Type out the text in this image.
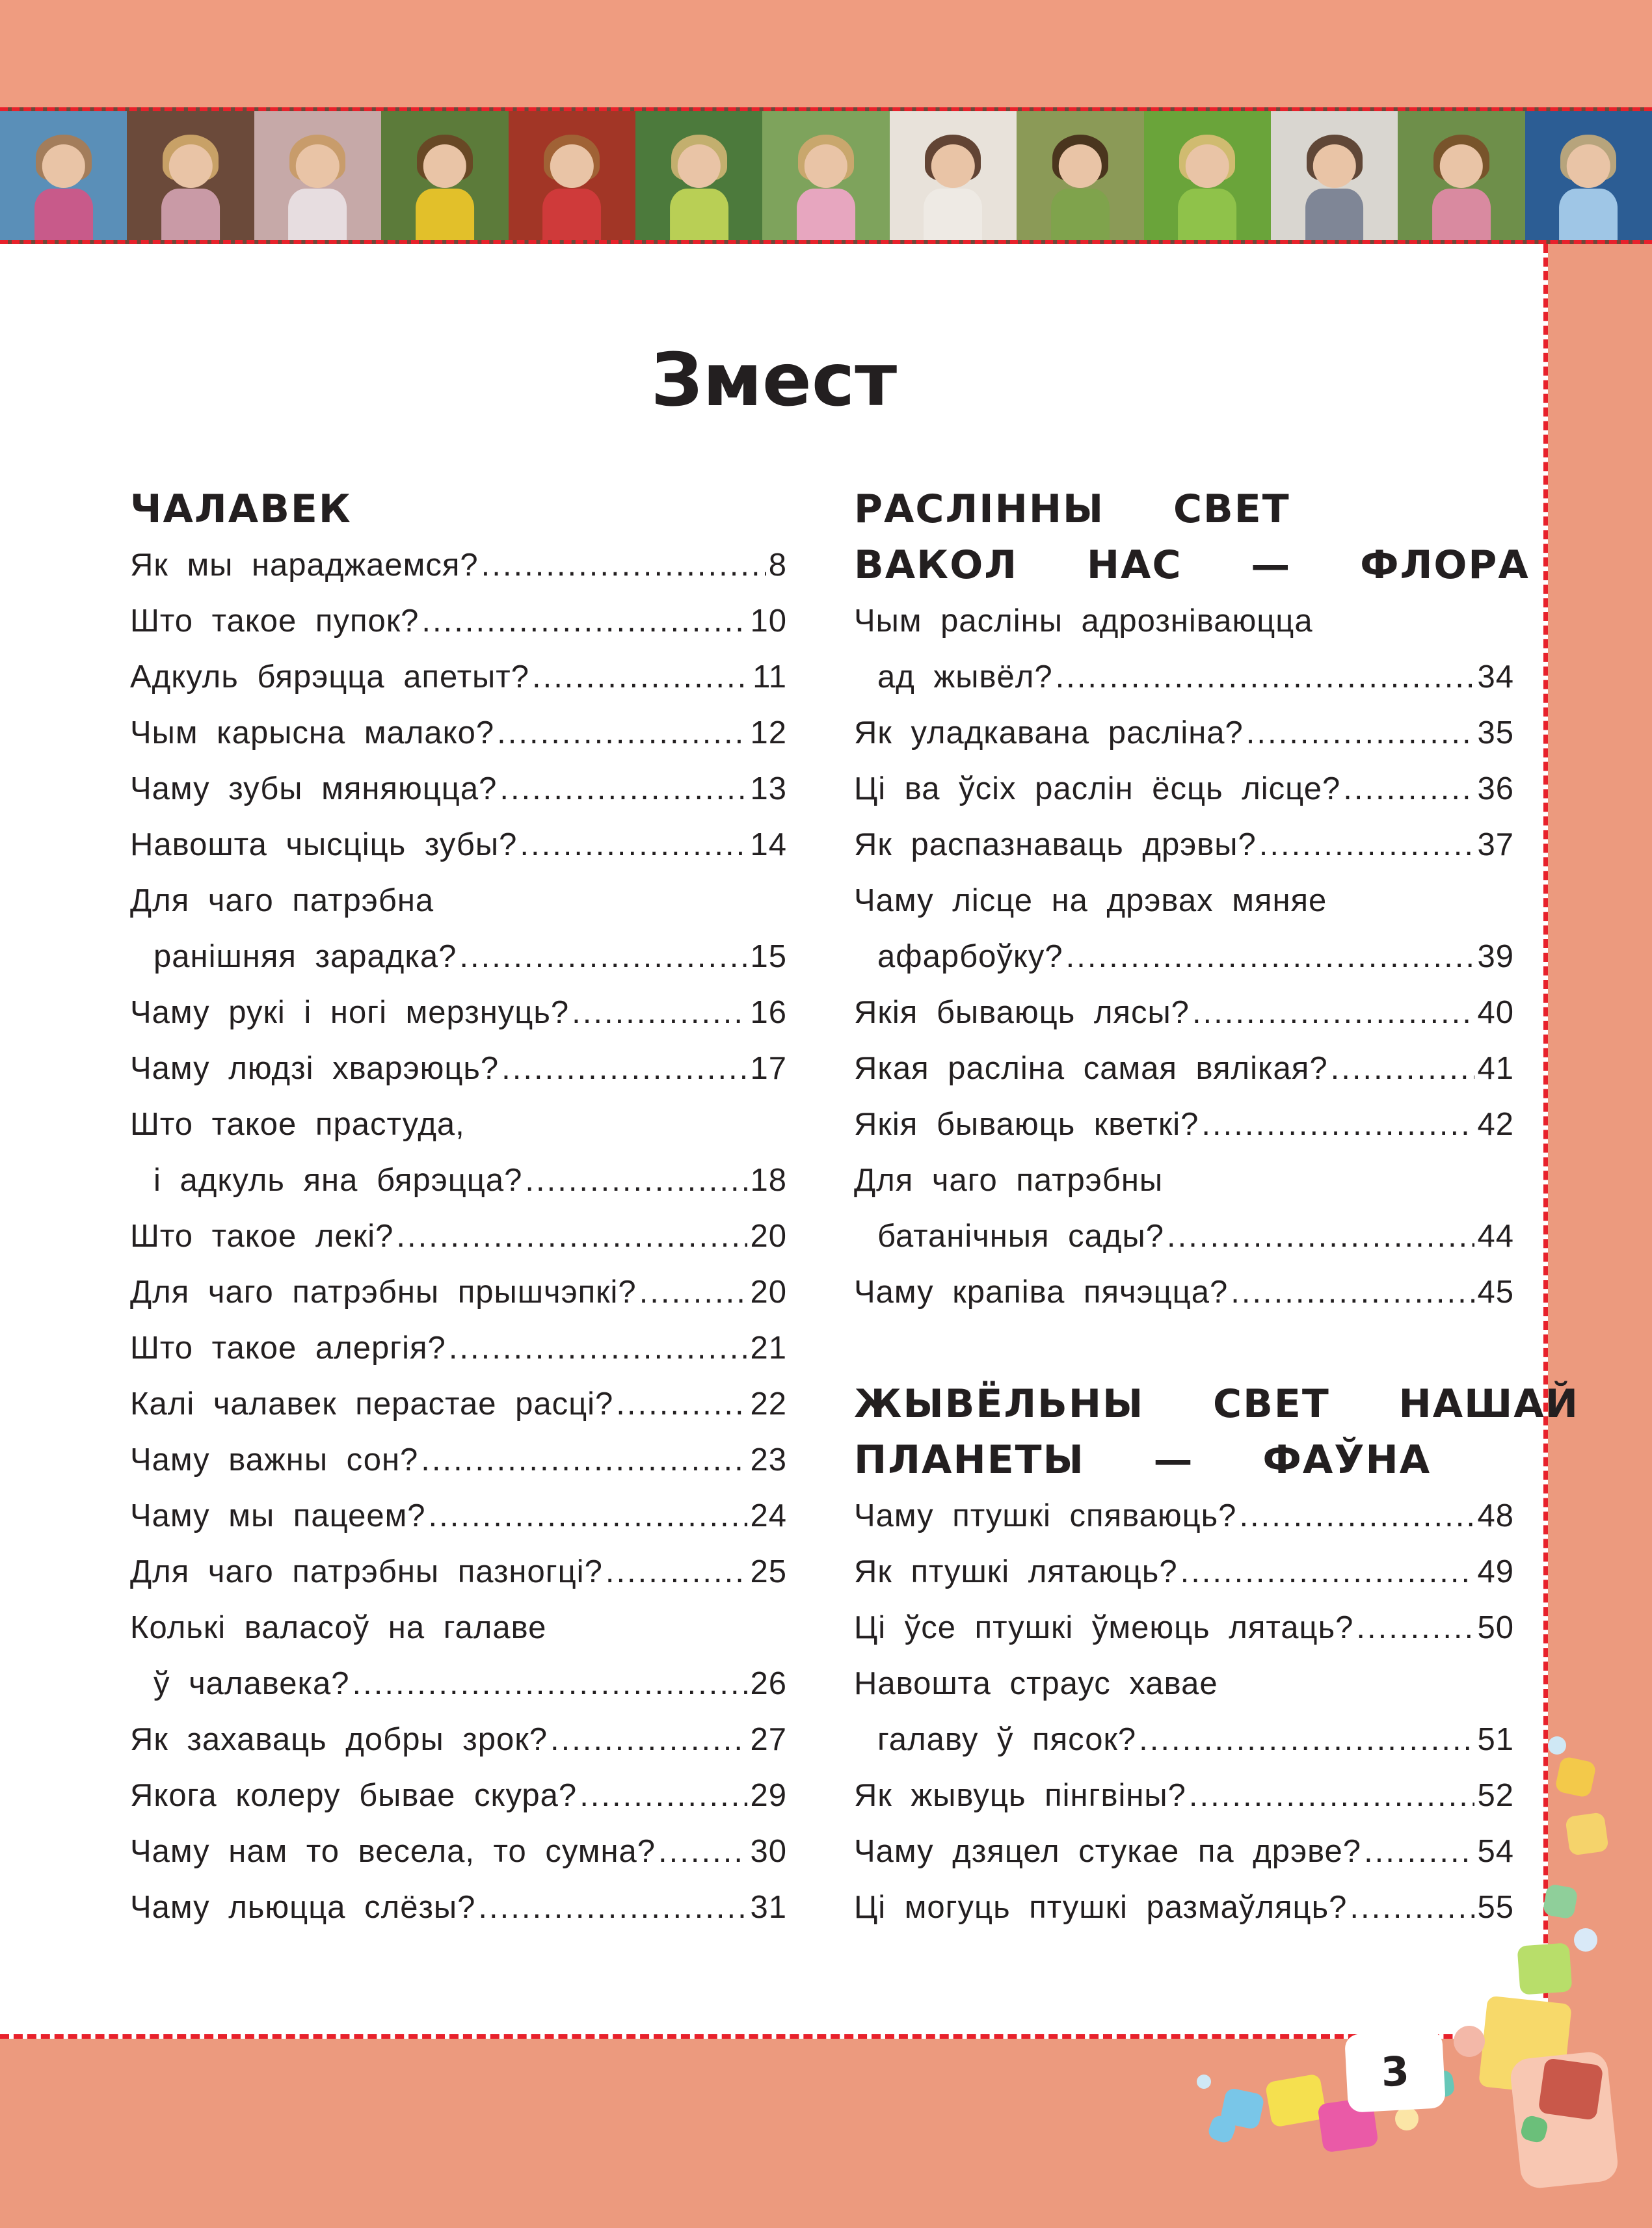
Змест
ЧАЛАВЕК
Як мы нараджаемся? .....	8
Што такое пупок? .....	10
Адкуль бярэцца апетыт? .....	11
Чым карысна малако? .....	12
Чаму зубы мяняюцца? .....	13
Навошта чысціць зубы? .....	14
Для чаго патрэбна
ранішняя зарадка? .....	15
Чаму рукі і ногі мерзнуць? .....	16
Чаму людзі хварэюць? .....	17
Што такое прастуда,
і адкуль яна бярэцца? .....	18
Што такое лекі? .....	20
Для чаго патрэбны прышчэпкі? .....	20
Што такое алергія? .....	21
Калі чалавек перастае расці? .....	22
Чаму важны сон? .....	23
Чаму мы пацеем? .....	24
Для чаго патрэбны пазногці? .....	25
Колькі валасоў на галаве
ў чалавека? .....	26
Як захаваць добры зрок? .....	27
Якога колеру бывае скура? .....	29
Чаму нам то весела, то сумна? .....	30
Чаму льюцца слёзы? .....	31
РАСЛІННЫ  СВЕТ
ВАКОЛ  НАС  —  ФЛОРА
Чым расліны адрозніваюцца
ад жывёл? .....	34
Як уладкавана расліна? .....	35
Ці ва ўсіх раслін ёсць лісце? .....	36
Як распазнаваць дрэвы? .....	37
Чаму лісце на дрэвах мяняе
афарбоўку? .....	39
Якія бываюць лясы? .....	40
Якая расліна самая вялікая? .....	41
Якія бываюць кветкі? .....	42
Для чаго патрэбны
батанічныя сады? .....	44
Чаму крапіва пячэцца? .....	45
ЖЫВЁЛЬНЫ  СВЕТ  НАШАЙ
ПЛАНЕТЫ  —  ФАЎНА
Чаму птушкі спяваюць? .....	48
Як птушкі лятаюць? .....	49
Ці ўсе птушкі ўмеюць лятаць? .....	50
Навошта страус хавае
галаву ў пясок? .....	51
Як жывуць пінгвіны? .....	52
Чаму дзяцел стукае па дрэве? .....	54
Ці могуць птушкі размаўляць? .....	55
3
